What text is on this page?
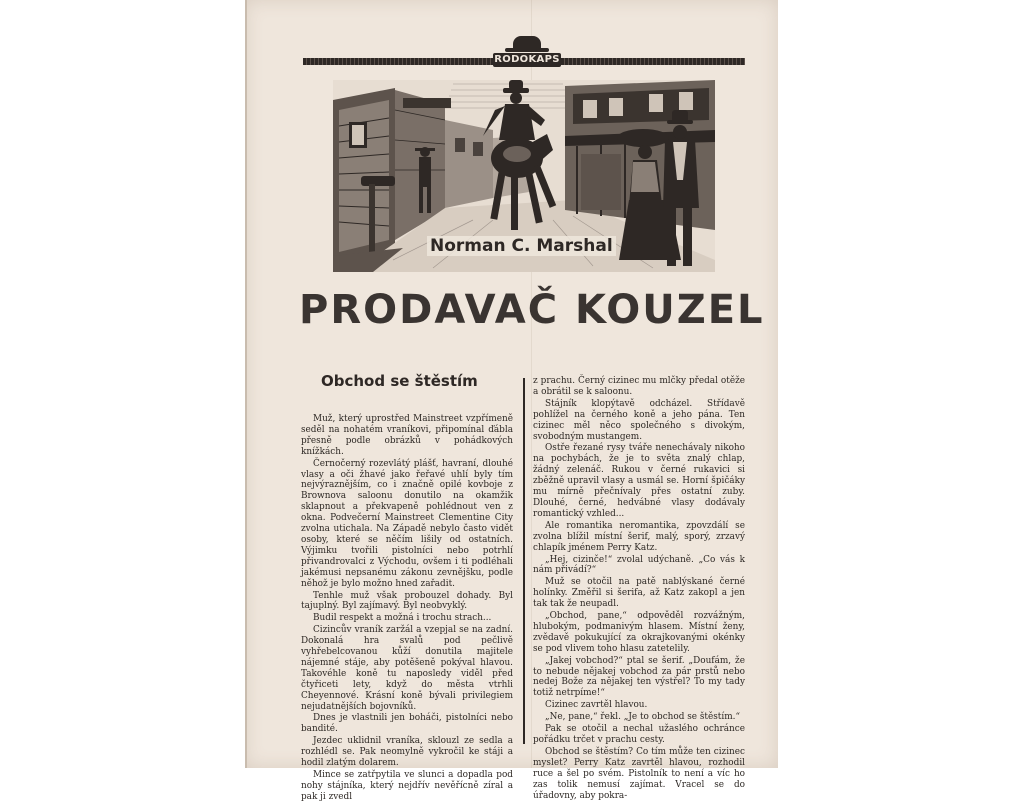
RODOKAPS
Norman C. Marshal
PRODAVAČ KOUZEL
Obchod se štěstím

Muž, který uprostřed Mainstreet vzpřímeně seděl na nohatém vraníkovi, připomínal ďábla přesně podle obrázků v pohádkových knížkách.

Černočerný rozevlátý plášť, havraní, dlouhé vlasy a oči žhavé jako řeřavé uhlí byly tím nejvýraznějším, co i značně opilé kovboje z Brownova saloonu donutilo na okamžik sklapnout a překvapeně pohlédnout ven z okna. Podvečerní Mainstreet Clementine City zvolna utichala. Na Západě nebylo často vidět osoby, které se něčím lišily od ostatních. Výjimku tvořili pistolníci nebo potrhlí přivandrovalci z Východu, ovšem i ti podléhali jakémusi nepsanému zákonu zevnějšku, podle něhož je bylo možno hned zařadit.

Tenhle muž však probouzel dohady. Byl tajuplný. Byl zajímavý. Byl neobvyklý.

Budil respekt a možná i trochu strach...

Cizincův vraník zaržál a vzepjal se na zadní. Dokonalá hra svalů pod pečlivě vyhřebelcovanou kůží donutila majitele nájemné stáje, aby potěšeně pokýval hlavou. Takovéhle koně tu naposledy viděl před čtyřiceti lety, když do města vtrhli Cheyennové. Krásní koně bývali privilegiem nejudatnějších bojovníků.

Dnes je vlastnili jen boháči, pistolníci nebo bandité.

Jezdec uklidnil vraníka, sklouzl ze sedla a rozhlédl se. Pak neomylně vykročil ke stáji a hodil zlatým dolarem.

Mince se zatřpytila ve slunci a dopadla pod nohy stájníka, který nejdřív nevěřícně zíral a pak ji zvedl

z prachu. Černý cizinec mu mlčky předal otěže a obrátil se k saloonu.

Stájník klopýtavě odcházel. Střídavě pohlížel na černého koně a jeho pána. Ten cizinec měl něco společného s divokým, svobodným mustangem.

Ostře řezané rysy tváře nenechávaly nikoho na pochybách, že je to světa znalý chlap, žádný zelenáč. Rukou v černé rukavici si zběžně upravil vlasy a usmál se. Horní špičáky mu mírně přečnívaly přes ostatní zuby. Dlouhé, černé, hedvábné vlasy dodávaly romantický vzhled...

Ale romantika neromantika, zpovzdálí se zvolna blížil místní šerif, malý, sporý, zrzavý chlapík jménem Perry Katz.

„Hej, cizinče!“ zvolal udýchaně. „Co vás k nám přivádí?“

Muž se otočil na patě nablýskané černé holínky. Změřil si šerifa, až Katz zakopl a jen tak tak že neupadl.

„Obchod, pane,“ odpověděl rozvážným, hlubokým, podmanivým hlasem. Místní ženy, zvědavě pokukující za okrajkovanými okénky se pod vlivem toho hlasu zatetelily.

„Jakej vobchod?“ ptal se šerif. „Doufám, že to nebude nějakej vobchod za pár prstů nebo nedej Bože za nějakej ten výstřel? To my tady totiž netrpíme!“

Cizinec zavrtěl hlavou.

„Ne, pane,“ řekl. „Je to obchod se štěstím.“

Pak se otočil a nechal užaslého ochránce pořádku trčet v prachu cesty.

Obchod se štěstím? Co tím může ten cizinec myslet? Perry Katz zavrtěl hlavou, rozhodil ruce a šel po svém. Pistolník to není a víc ho zas tolik nemusí zajímat. Vracel se do úřadovny, aby pokra-
